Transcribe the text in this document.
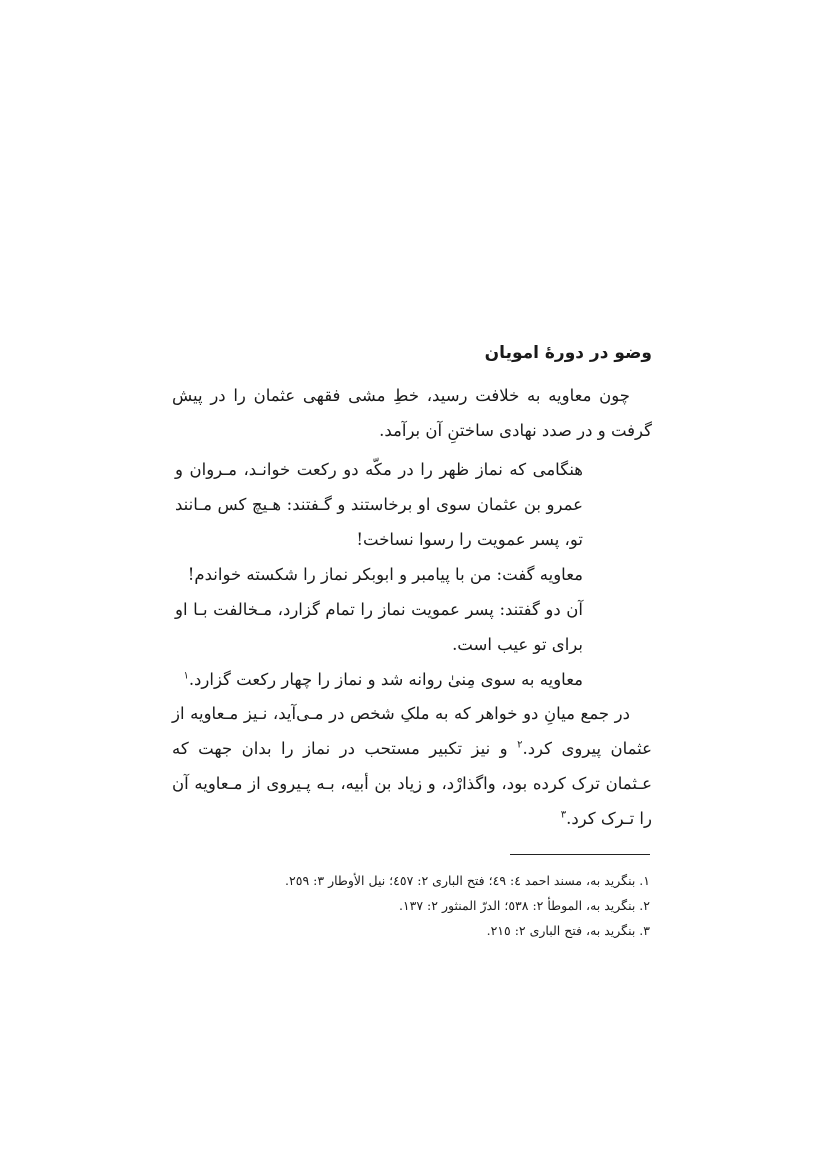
وضو در دورهٔ امویان

چون معاویه به خلافت رسید، خطِ مشی فقهی عثمان را در پیش گرفت و در صدد نهادی ساختنِ آن برآمد.

هنگامی که نماز ظهر را در مکّه دو رکعت خوانـد، مـروان و عمرو بن عثمان سوی او برخاستند و گـفتند: هـیچ کس مـانند تو، پسر عمویت را رسوا نساخت!

معاویه گفت: من با پیامبر و ابوبکر نماز را شکسته خواندم!

آن دو گفتند: پسر عمویت نماز را تمام گزارد، مـخالفت بـا او برای تو عیب است.

معاویه به سوی مِنیٰ روانه شد و نماز را چهار رکعت گزارد.$^۱$

در جمع میانِ دو خواهر که به ملکِ شخص در مـی‌آید، نـیز مـعاویه از عثمان پیروی کرد.$^۲$ و نیز تکبیر مستحب در نماز را بدان جهت که عـثمان ترک کرده بود، واگذارْد، و زیاد بن أبیه، بـه پـیروی از مـعاویه آن را تـرک کرد.$^۳$

۱. بنگرید به، مسند احمد ٤: ٤٩؛ فتح الباری ۲: ٤٥٧؛ نیل الأوطار ۳: ۲٥۹.
۲. بنگرید به، الموطأ ۲: ٥۳٨؛ الدرّ المنثور ۲: ۱۳۷.
۳. بنگرید به، فتح الباری ۲: ۲۱٥.
